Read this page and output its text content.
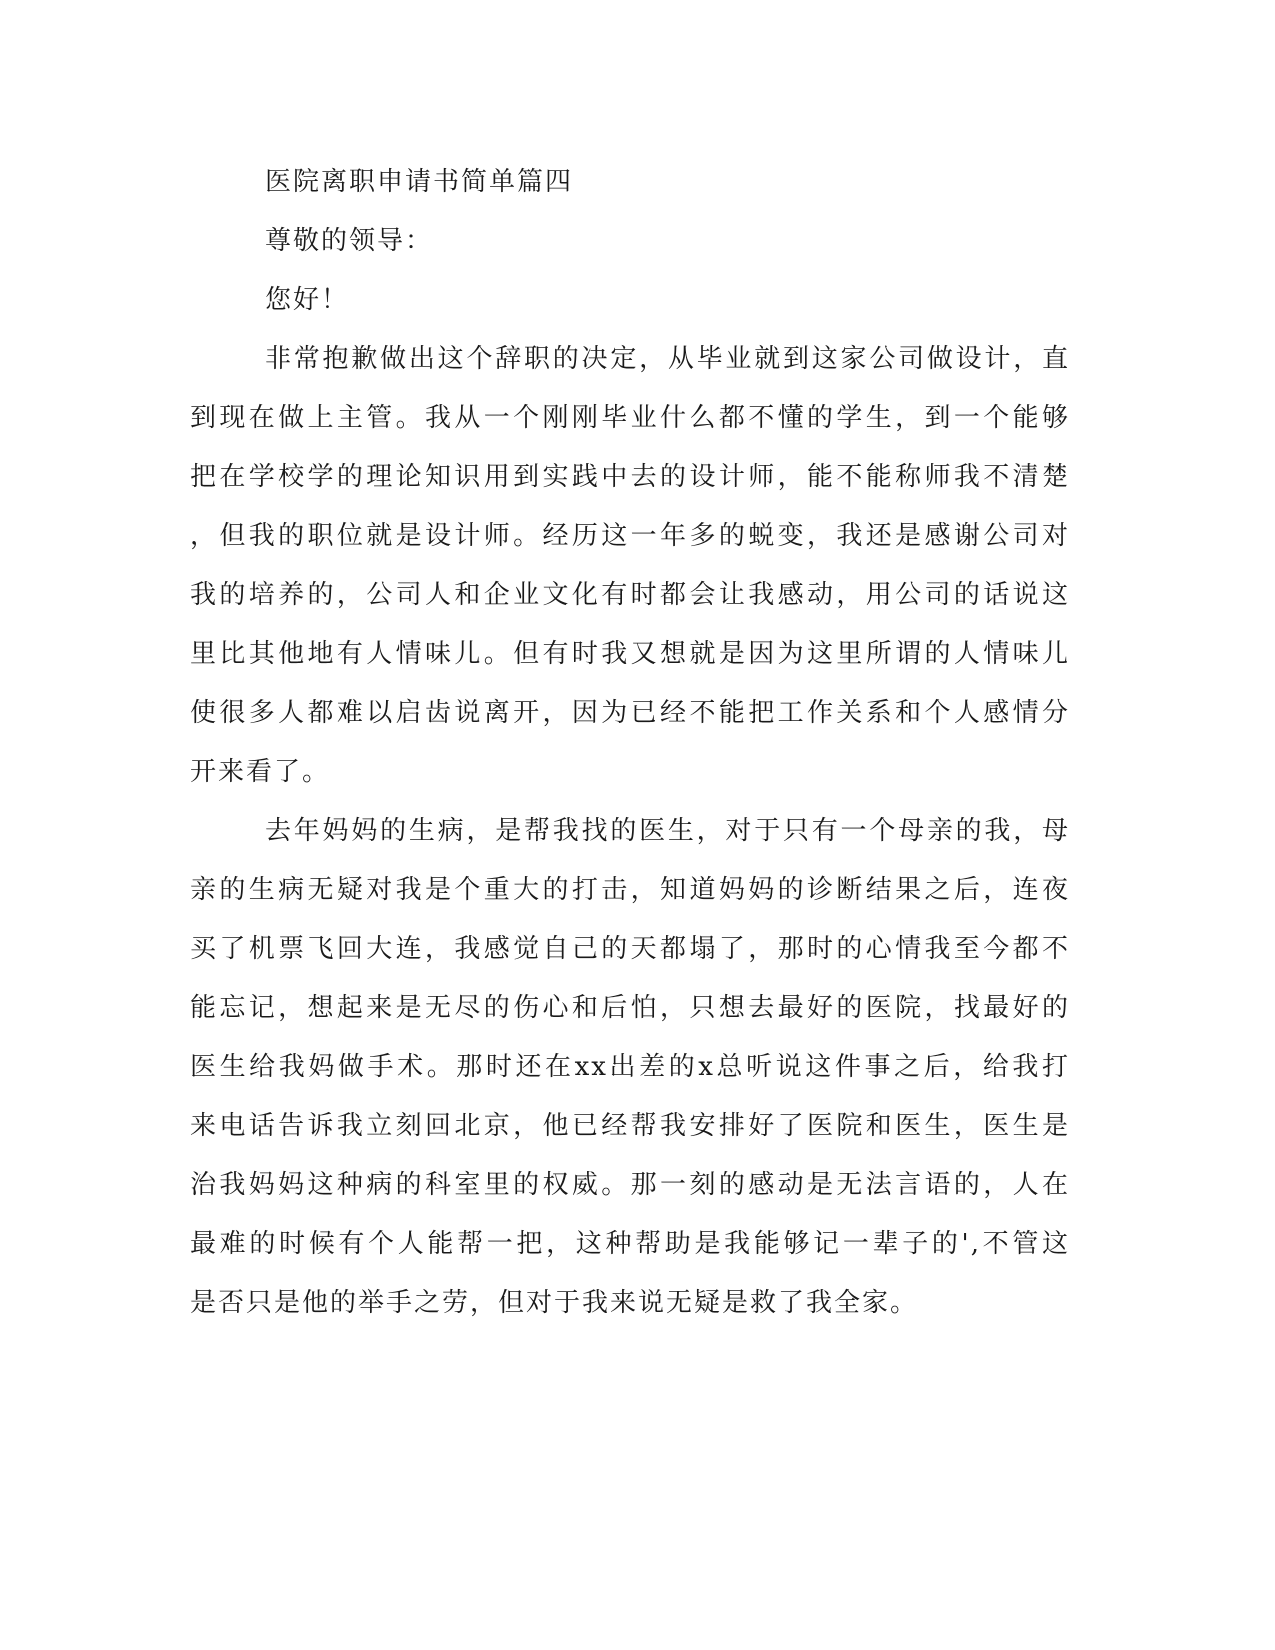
医院离职申请书简单篇四
尊敬的领导：
您好！
非常抱歉做出这个辞职的决定，从毕业就到这家公司做设计，直
到现在做上主管。我从一个刚刚毕业什么都不懂的学生，到一个能够
把在学校学的理论知识用到实践中去的设计师，能不能称师我不清楚
，但我的职位就是设计师。经历这一年多的蜕变，我还是感谢公司对
我的培养的，公司人和企业文化有时都会让我感动，用公司的话说这
里比其他地有人情味儿。但有时我又想就是因为这里所谓的人情味儿
使很多人都难以启齿说离开，因为已经不能把工作关系和个人感情分
开来看了。
去年妈妈的生病，是帮我找的医生，对于只有一个母亲的我，母
亲的生病无疑对我是个重大的打击，知道妈妈的诊断结果之后，连夜
买了机票飞回大连，我感觉自己的天都塌了，那时的心情我至今都不
能忘记，想起来是无尽的伤心和后怕，只想去最好的医院，找最好的
医生给我妈做手术。那时还在xx出差的x总听说这件事之后，给我打
来电话告诉我立刻回北京，他已经帮我安排好了医院和医生，医生是
治我妈妈这种病的科室里的权威。那一刻的感动是无法言语的，人在
最难的时候有个人能帮一把，这种帮助是我能够记一辈子的',不管这
是否只是他的举手之劳，但对于我来说无疑是救了我全家。
